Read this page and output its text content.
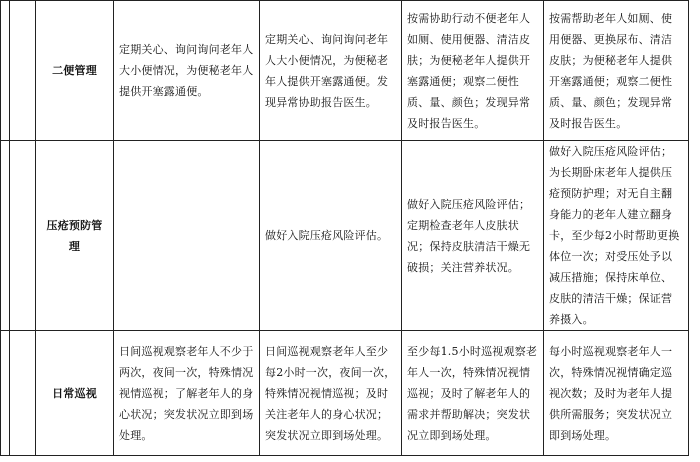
		二便管理	定期关心、询问询问老年人大小便情况，为便秘老年人提供开塞露通便。	定期关心、询问询问老年人大小便情况，为便秘老年人提供开塞露通便。发现异常协助报告医生。	按需协助行动不便老年人如厕、使用便器、清洁皮肤；为便秘老年人提供开塞露通便；观察二便性质、量、颜色；发现异常及时报告医生。	按需帮助老年人如厕、使用便器、更换尿布、清洁皮肤；为便秘老年人提供开塞露通便；观察二便性质、量、颜色；发现异常及时报告医生。
		压疮预防管理		做好入院压疮风险评估。	做好入院压疮风险评估；定期检查老年人皮肤状况；保持皮肤清洁干燥无破损；关注营养状况。	做好入院压疮风险评估；为长期卧床老年人提供压疮预防护理；对无自主翻身能力的老年人建立翻身卡，至少每2小时帮助更换体位一次；对受压处予以减压措施；保持床单位、皮肤的清洁干燥；保证营养摄入。
		日常巡视	日间巡视观察老年人不少于两次，夜间一次，特殊情况视情巡视；了解老年人的身心状况；突发状况立即到场处理。	日间巡视观察老年人至少每2小时一次，夜间一次，特殊情况视情巡视；及时关注老年人的身心状况；突发状况立即到场处理。	至少每1.5小时巡视观察老年人一次，特殊情况视情巡视；及时了解老年人的需求并帮助解决；突发状况立即到场处理。	每小时巡视观察老年人一次，特殊情况视情确定巡视次数；及时为老年人提供所需服务；突发状况立即到场处理。
